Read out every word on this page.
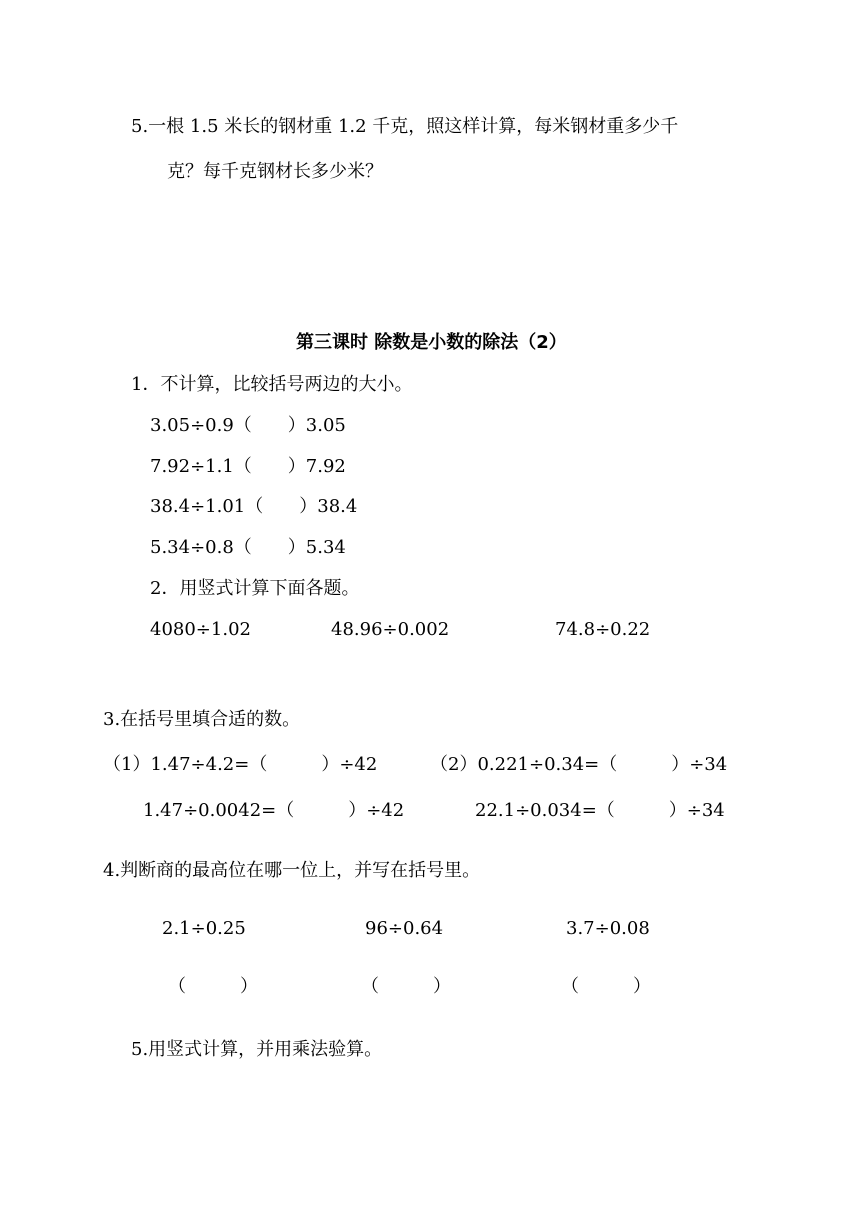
5.一根 1.5 米长的钢材重 1.2 千克，照这样计算，每米钢材重多少千
克？每千克钢材长多少米？
第三课时 除数是小数的除法（2）
1．不计算，比较括号两边的大小。
3.05÷0.9（　　）3.05
7.92÷1.1（　　）7.92
38.4÷1.01（　　）38.4
5.34÷0.8（　　）5.34
2．用竖式计算下面各题。
4080÷1.02	48.96÷0.002	74.8÷0.22
3.在括号里填合适的数。
（1）1.47÷4.2=（　　　）÷42	（2）0.221÷0.34=（　　　）÷34
1.47÷0.0042=（　　　）÷42	22.1÷0.034=（　　　）÷34
4.判断商的最高位在哪一位上，并写在括号里。
2.1÷0.25	96÷0.64	3.7÷0.08
（　　　）	（　　　）	（　　　）
5.用竖式计算，并用乘法验算。
